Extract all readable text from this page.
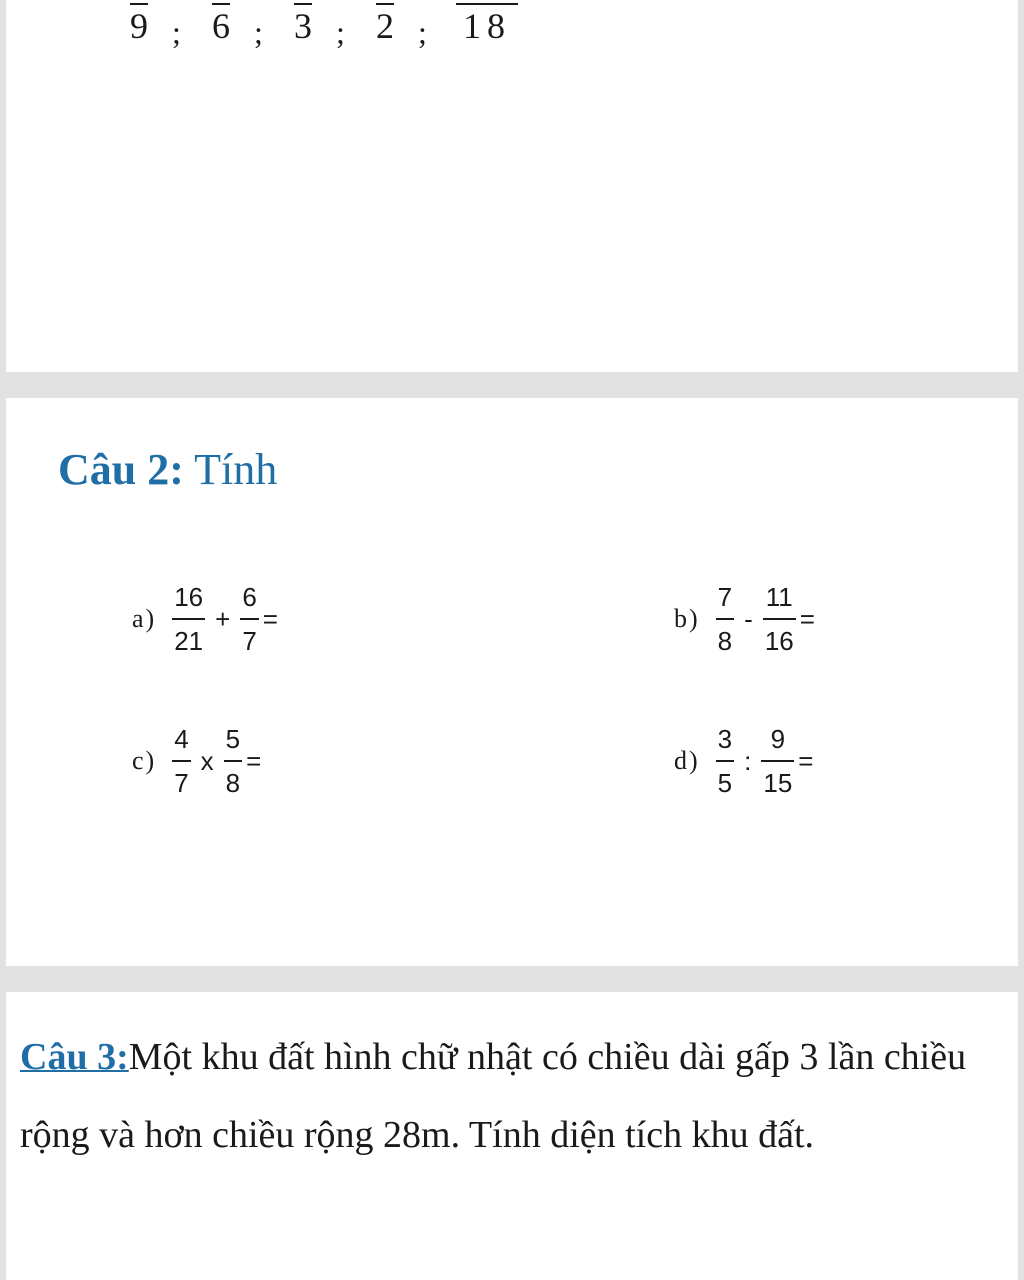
9 ; 6 ; 3 ; 2 ; 18
Câu 2: Tính
a)
16
21
+
6
7
=	b)
7
8
-
11
16
=
c)
4
7
x
5
8
=	d)
3
5
:
9
15
=
Câu 3:Một khu đất hình chữ nhật có chiều dài gấp 3 lần chiều rộng và hơn chiều rộng 28m. Tính diện tích khu đất.
